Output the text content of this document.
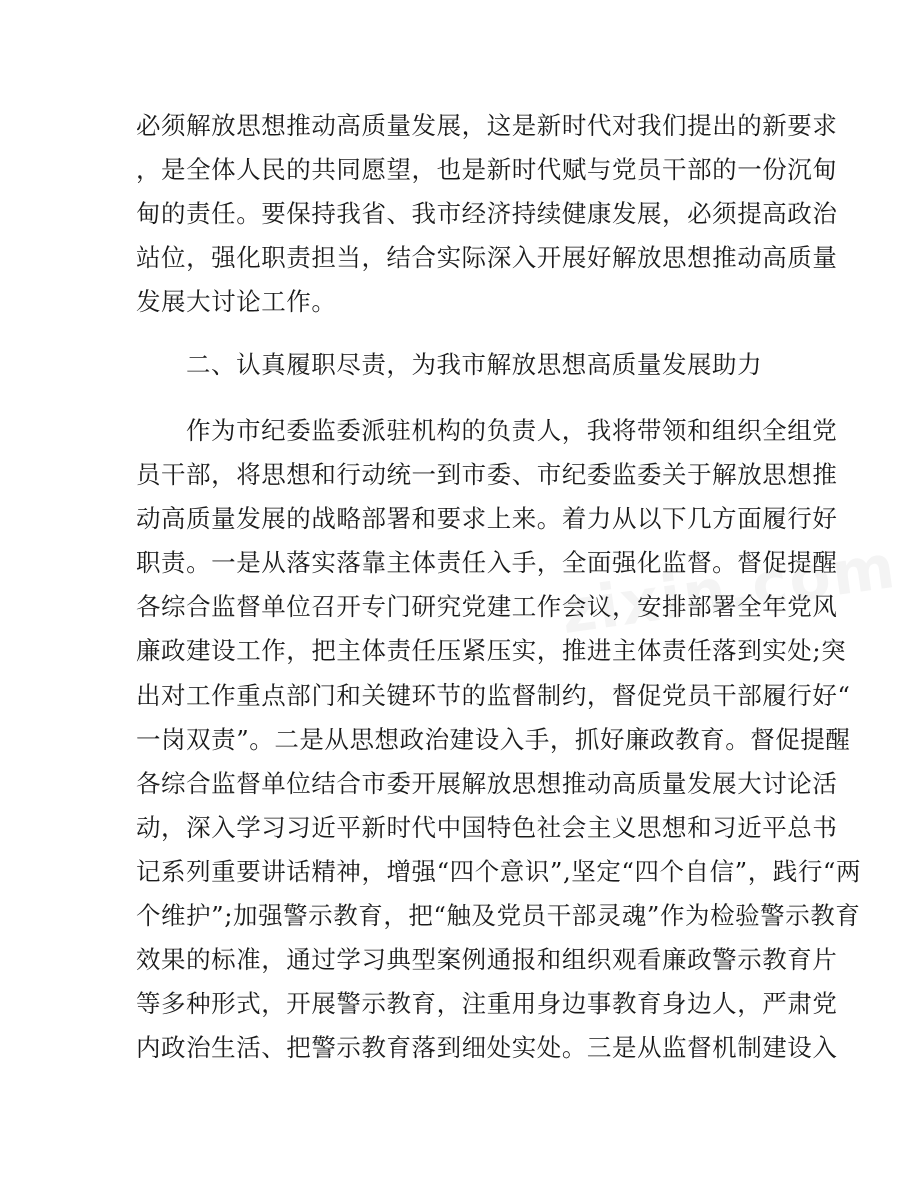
必须解放思想推动高质量发展，这是新时代对我们提出的新要求
，是全体人民的共同愿望，也是新时代赋与党员干部的一份沉甸
甸的责任。要保持我省、我市经济持续健康发展，必须提高政治
站位，强化职责担当，结合实际深入开展好解放思想推动高质量
发展大讨论工作。
二、认真履职尽责，为我市解放思想高质量发展助力
作为市纪委监委派驻机构的负责人，我将带领和组织全组党
员干部，将思想和行动统一到市委、市纪委监委关于解放思想推
动高质量发展的战略部署和要求上来。着力从以下几方面履行好
职责。一是从落实落靠主体责任入手，全面强化监督。督促提醒
各综合监督单位召开专门研究党建工作会议，安排部署全年党风
廉政建设工作，把主体责任压紧压实，推进主体责任落到实处;突
出对工作重点部门和关键环节的监督制约，督促党员干部履行好“
一岗双责”。二是从思想政治建设入手，抓好廉政教育。督促提醒
各综合监督单位结合市委开展解放思想推动高质量发展大讨论活
动，深入学习习近平新时代中国特色社会主义思想和习近平总书
记系列重要讲话精神，增强“四个意识”,坚定“四个自信”，践行“两
个维护”;加强警示教育，把“触及党员干部灵魂”作为检验警示教育
效果的标准，通过学习典型案例通报和组织观看廉政警示教育片
等多种形式，开展警示教育，注重用身边事教育身边人，严肃党
内政治生活、把警示教育落到细处实处。三是从监督机制建设入
